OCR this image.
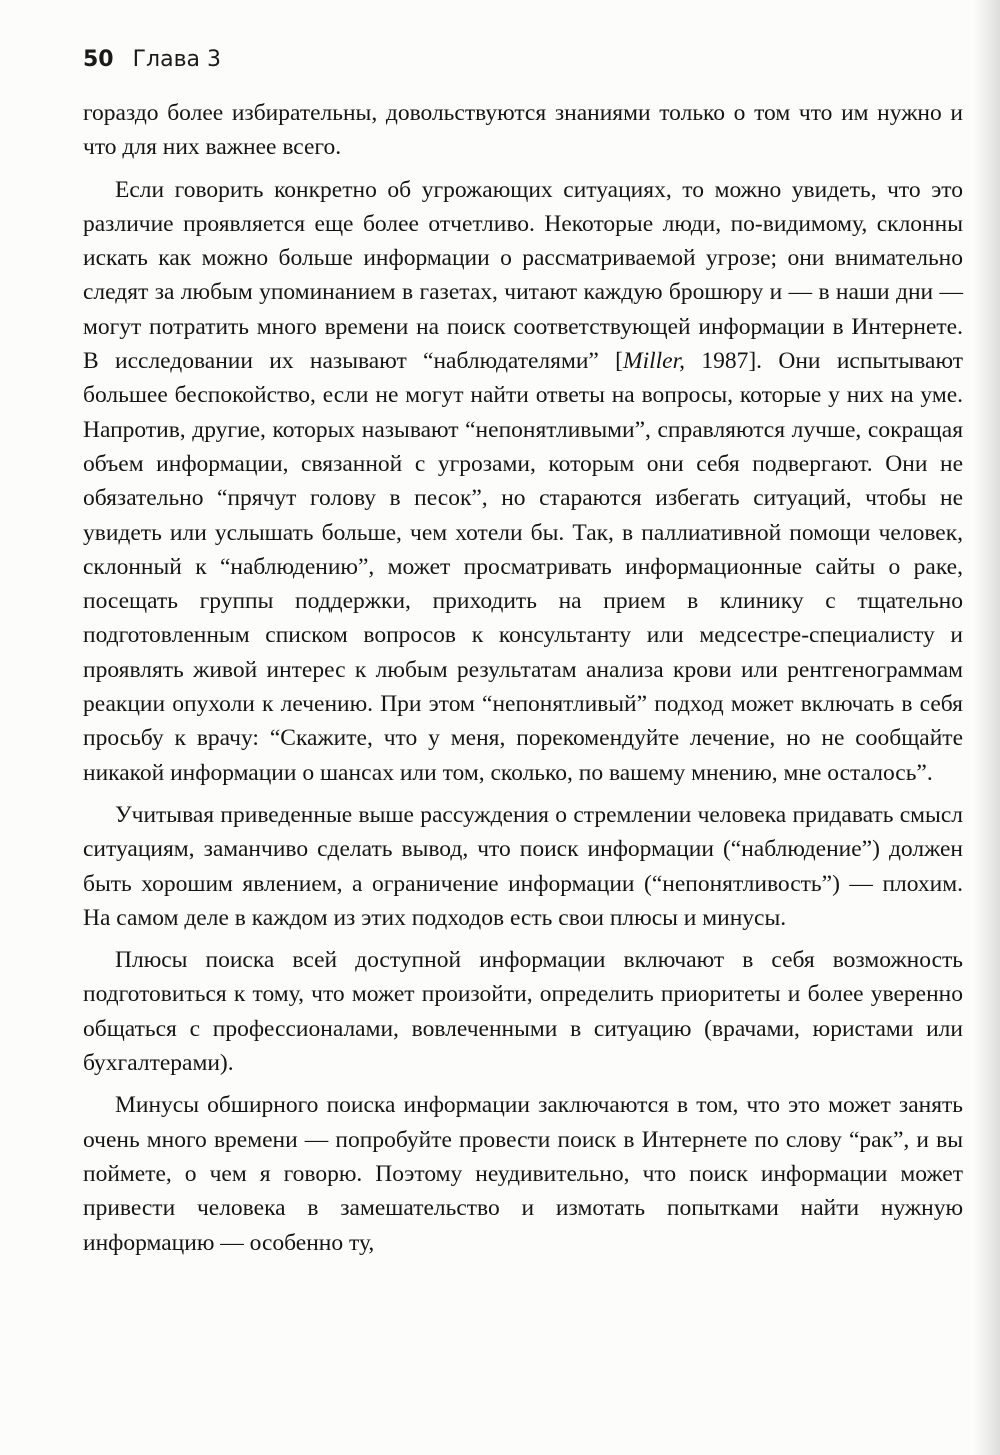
50 Глава 3

гораздо более избирательны, довольствуются знаниями только о том что им нужно и что для них важнее всего.

Если говорить конкретно об угрожающих ситуациях, то можно увидеть, что это различие проявляется еще более отчетливо. Некоторые люди, по-видимому, склонны искать как можно больше информации о рассматриваемой угрозе; они внимательно следят за любым упоминанием в газетах, читают каждую брошюру и — в наши дни — могут потратить много времени на поиск соответствующей информации в Интернете. В исследовании их называют “наблюдателями” [Miller, 1987]. Они испытывают большее беспокойство, если не могут найти ответы на вопросы, которые у них на уме. Напротив, другие, которых называют “непонятливыми”, справляются лучше, сокращая объем информации, связанной с угрозами, которым они себя подвергают. Они не обязательно “прячут голову в песок”, но стараются избегать ситуаций, чтобы не увидеть или услышать больше, чем хотели бы. Так, в паллиативной помощи человек, склонный к “наблюдению”, может просматривать информационные сайты о раке, посещать группы поддержки, приходить на прием в клинику с тщательно подготовленным списком вопросов к консультанту или медсестре-специалисту и проявлять живой интерес к любым результатам анализа крови или рентгенограммам реакции опухоли к лечению. При этом “непонятливый” подход может включать в себя просьбу к врачу: “Скажите, что у меня, порекомендуйте лечение, но не сообщайте никакой информации о шансах или том, сколько, по вашему мнению, мне осталось”.

Учитывая приведенные выше рассуждения о стремлении человека придавать смысл ситуациям, заманчиво сделать вывод, что поиск информации (“наблюдение”) должен быть хорошим явлением, а ограничение информации (“непонятливость”) — плохим. На самом деле в каждом из этих подходов есть свои плюсы и минусы.

Плюсы поиска всей доступной информации включают в себя возможность подготовиться к тому, что может произойти, определить приоритеты и более уверенно общаться с профессионалами, вовлеченными в ситуацию (врачами, юристами или бухгалтерами).

Минусы обширного поиска информации заключаются в том, что это может занять очень много времени — попробуйте провести поиск в Интернете по слову “рак”, и вы поймете, о чем я говорю. Поэтому неудивительно, что поиск информации может привести человека в замешательство и измотать попытками найти нужную информацию — особенно ту,
